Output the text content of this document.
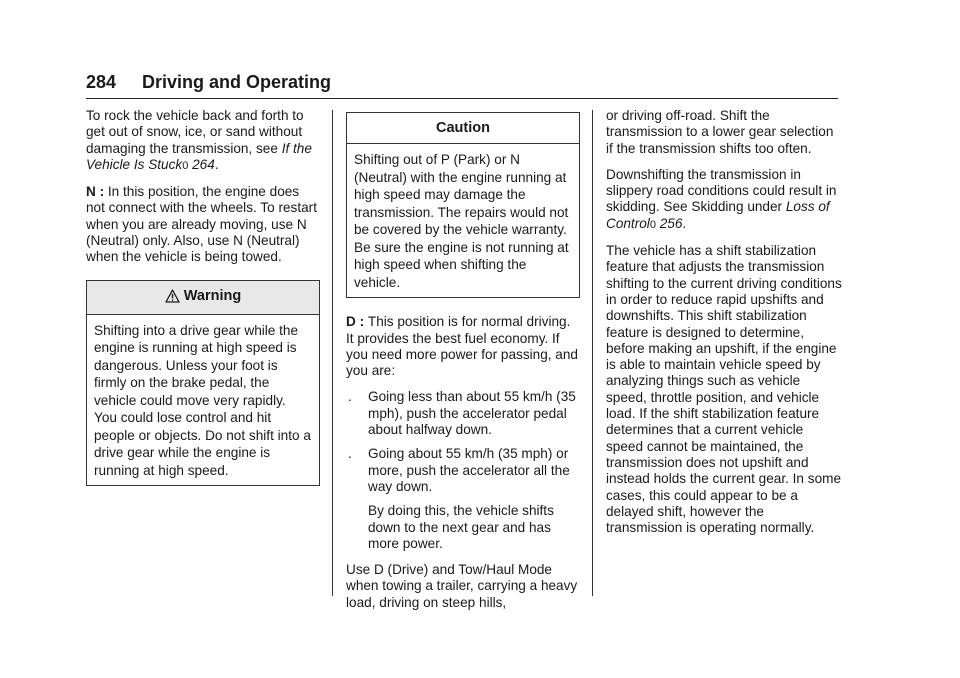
284 Driving and Operating

To rock the vehicle back and forth to get out of snow, ice, or sand without damaging the transmission, see If the Vehicle Is Stuck0 264.

N : In this position, the engine does not connect with the wheels. To restart when you are already moving, use N (Neutral) only. Also, use N (Neutral) when the vehicle is being towed.

Warning
Shifting into a drive gear while the engine is running at high speed is dangerous. Unless your foot is firmly on the brake pedal, the vehicle could move very rapidly. You could lose control and hit people or objects. Do not shift into a drive gear while the engine is running at high speed.
Caution
Shifting out of P (Park) or N (Neutral) with the engine running at high speed may damage the transmission. The repairs would not be covered by the vehicle warranty. Be sure the engine is not running at high speed when shifting the vehicle.

D : This position is for normal driving. It provides the best fuel economy. If you need more power for passing, and you are:

. Going less than about 55 km/h (35 mph), push the accelerator pedal about halfway down.
. Going about 55 km/h (35 mph) or more, push the accelerator all the way down.

By doing this, the vehicle shifts down to the next gear and has more power.

Use D (Drive) and Tow/Haul Mode when towing a trailer, carrying a heavy load, driving on steep hills,

or driving off-road. Shift the transmission to a lower gear selection if the transmission shifts too often.

Downshifting the transmission in slippery road conditions could result in skidding. See Skidding under Loss of Control0 256.

The vehicle has a shift stabilization feature that adjusts the transmission shifting to the current driving conditions in order to reduce rapid upshifts and downshifts. This shift stabilization feature is designed to determine, before making an upshift, if the engine is able to maintain vehicle speed by analyzing things such as vehicle speed, throttle position, and vehicle load. If the shift stabilization feature determines that a current vehicle speed cannot be maintained, the transmission does not upshift and instead holds the current gear. In some cases, this could appear to be a delayed shift, however the transmission is operating normally.
